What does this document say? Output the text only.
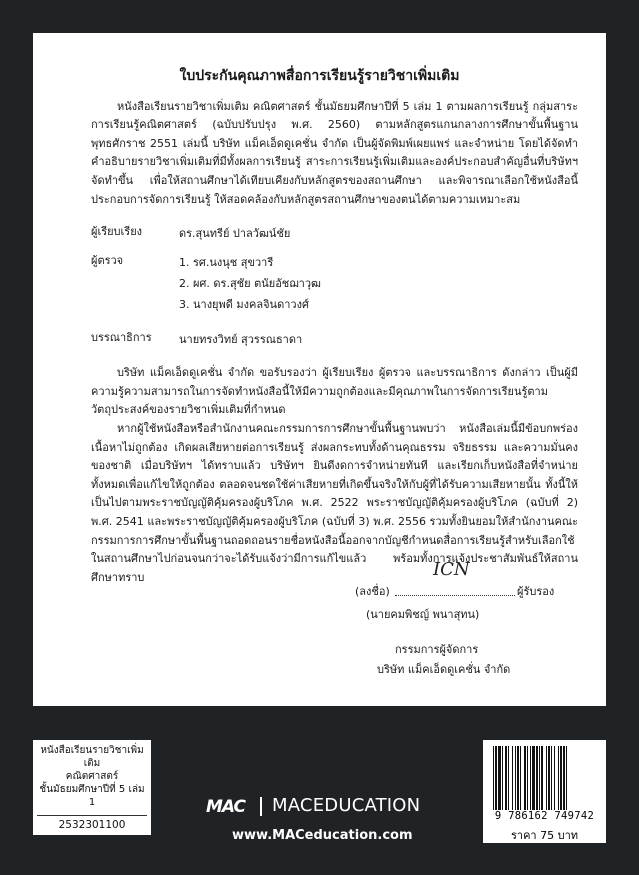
ใบประกันคุณภาพสื่อการเรียนรู้รายวิชาเพิ่มเติม

หนังสือเรียนรายวิชาเพิ่มเติม คณิตศาสตร์ ชั้นมัธยมศึกษาปีที่ 5 เล่ม 1 ตามผลการเรียนรู้ กลุ่มสาระการเรียนรู้คณิตศาสตร์ (ฉบับปรับปรุง พ.ศ. 2560) ตามหลักสูตรแกนกลางการศึกษาขั้นพื้นฐาน พุทธศักราช 2551 เล่มนี้ บริษัท แม็คเอ็ดดูเคชั่น จำกัด เป็นผู้จัดพิมพ์เผยแพร่ และจำหน่าย โดยได้จัดทำคำอธิบายรายวิชาเพิ่มเติมที่มีทั้งผลการเรียนรู้ สาระการเรียนรู้เพิ่มเติมและองค์ประกอบสำคัญอื่นที่บริษัทฯ จัดทำขึ้น เพื่อให้สถานศึกษาได้เทียบเคียงกับหลักสูตรของสถานศึกษา และพิจารณาเลือกใช้หนังสือนี้ประกอบการจัดการเรียนรู้ ให้สอดคล้องกับหลักสูตรสถานศึกษาของตนได้ตามความเหมาะสม

ผู้เรียบเรียง	ดร.สุนทรีย์ ปาลวัฒน์ชัย
ผู้ตรวจ	1. รศ.นงนุช สุขวารี
2. ผศ. ดร.สุชัย ตนัยอัชฌาวุฒ
3. นางยุพดี มงคลจินดาวงศ์
บรรณาธิการ	นายทรงวิทย์ สุวรรณธาดา

บริษัท แม็คเอ็ดดูเคชั่น จำกัด ขอรับรองว่า ผู้เรียบเรียง ผู้ตรวจ และบรรณาธิการ ดังกล่าว เป็นผู้มีความรู้ความสามารถในการจัดทำหนังสือนี้ให้มีความถูกต้องและมีคุณภาพในการจัดการเรียนรู้ตามวัตถุประสงค์ของรายวิชาเพิ่มเติมที่กำหนด

หากผู้ใช้หนังสือหรือสำนักงานคณะกรรมการการศึกษาขั้นพื้นฐานพบว่า หนังสือเล่มนี้มีข้อบกพร่อง เนื้อหาไม่ถูกต้อง เกิดผลเสียหายต่อการเรียนรู้ ส่งผลกระทบทั้งด้านคุณธรรม จริยธรรม และความมั่นคงของชาติ เมื่อบริษัทฯ ได้ทราบแล้ว บริษัทฯ ยินดีงดการจำหน่ายทันที และเรียกเก็บหนังสือที่จำหน่ายทั้งหมดเพื่อแก้ไขให้ถูกต้อง ตลอดจนชดใช้ค่าเสียหายที่เกิดขึ้นจริงให้กับผู้ที่ได้รับความเสียหายนั้น ทั้งนี้ให้เป็นไปตามพระราชบัญญัติคุ้มครองผู้บริโภค พ.ศ. 2522 พระราชบัญญัติคุ้มครองผู้บริโภค (ฉบับที่ 2) พ.ศ. 2541 และพระราชบัญญัติคุ้มครองผู้บริโภค (ฉบับที่ 3) พ.ศ. 2556 รวมทั้งยินยอมให้สำนักงานคณะกรรมการการศึกษาขั้นพื้นฐานถอดถอนรายชื่อหนังสือนี้ออกจากบัญชีกำหนดสื่อการเรียนรู้สำหรับเลือกใช้ในสถานศึกษาไปก่อนจนกว่าจะได้รับแจ้งว่ามีการแก้ไขแล้ว พร้อมทั้งการแจ้งประชาสัมพันธ์ให้สถานศึกษาทราบ

(ลงชื่อ)
ICN
ผู้รับรอง
(นายคมพิชญ์ พนาสุทน)
กรรมการผู้จัดการ
บริษัท แม็คเอ็ดดูเคชั่น จำกัด
หนังสือเรียนรายวิชาเพิ่มเติม
คณิตศาสตร์
ชั้นมัธยมศึกษาปีที่ 5 เล่ม 1
2532301100
MAC MACEDUCATION
www.MACeducation.com
9 786162 749742
ราคา 75 บาท
